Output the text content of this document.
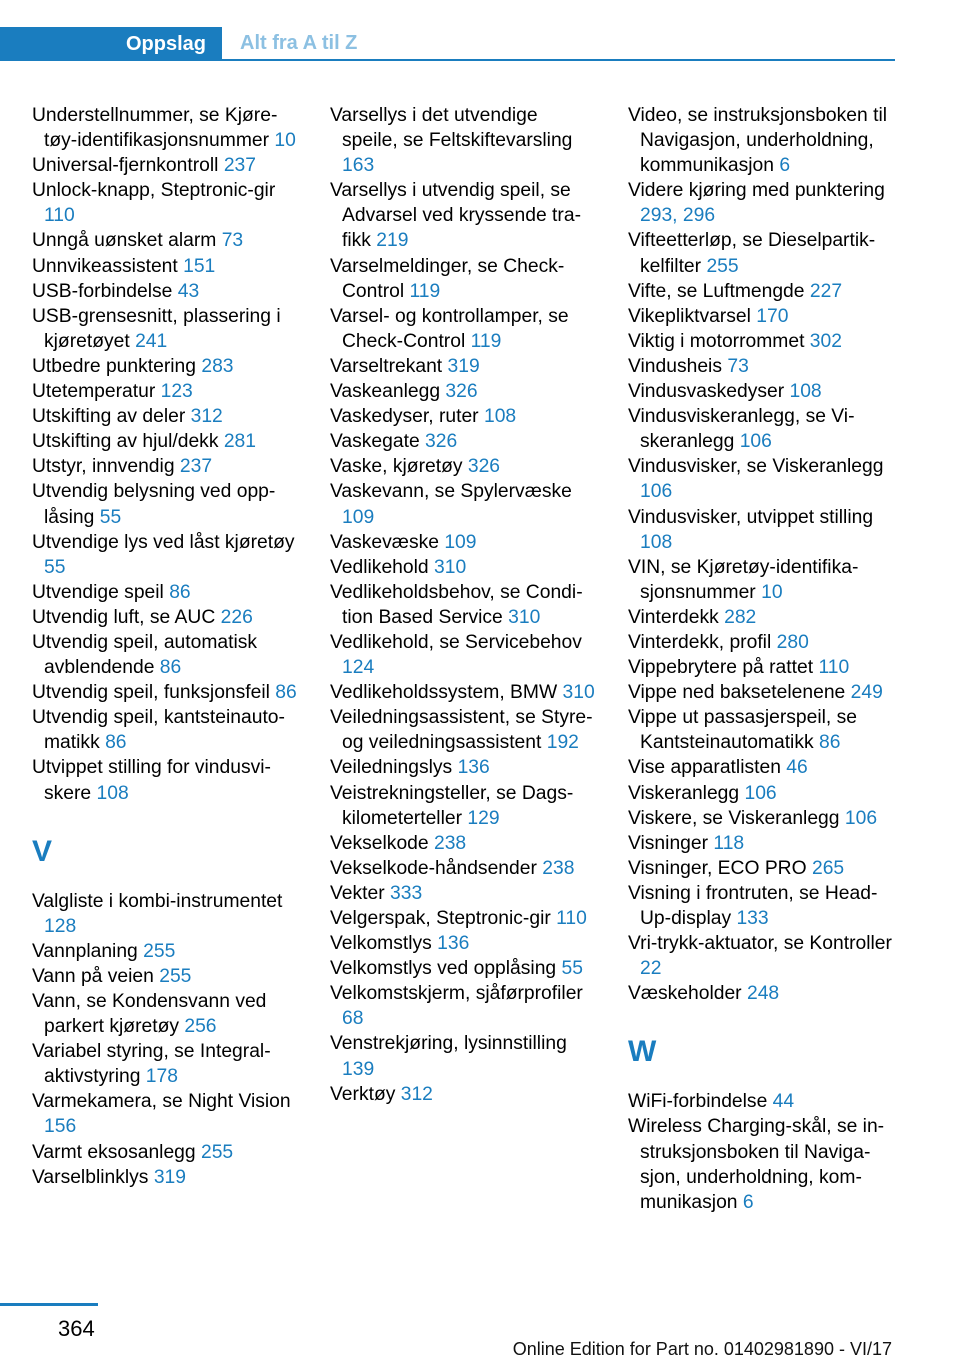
Oppslag	Alt fra A til Z
Understellnummer, se Kjøretøy-identifikasjonsnummer 10
Universal-fjernkontroll 237
Unlock-knapp, Steptronic-gir 110
Unngå uønsket alarm 73
Unnvikeassistent 151
USB-forbindelse 43
USB-grensesnitt, plassering i kjøretøyet 241
Utbedre punktering 283
Utetemperatur 123
Utskifting av deler 312
Utskifting av hjul/dekk 281
Utstyr, innvendig 237
Utvendig belysning ved opplåsing 55
Utvendige lys ved låst kjøretøy 55
Utvendige speil 86
Utvendig luft, se AUC 226
Utvendig speil, automatisk avblendende 86
Utvendig speil, funksjonsfeil 86
Utvendig speil, kantsteinautomatikk 86
Utvippet stilling for vindusviskere 108
V
Valgliste i kombi-instrumentet 128
Vannplaning 255
Vann på veien 255
Vann, se Kondensvann ved parkert kjøretøy 256
Variabel styring, se Integral-aktivstyring 178
Varmekamera, se Night Vision 156
Varmt eksosanlegg 255
Varselblinklys 319
Varsellys i det utvendige speile, se Feltskiftevarsling 163
Varsellys i utvendig speil, se Advarsel ved kryssende trafikk 219
Varselmeldinger, se Check-Control 119
Varsel- og kontrollamper, se Check-Control 119
Varseltrekant 319
Vaskeanlegg 326
Vaskedyser, ruter 108
Vaskegate 326
Vaske, kjøretøy 326
Vaskevann, se Spylervæske 109
Vaskevæske 109
Vedlikehold 310
Vedlikeholdsbehov, se Condition Based Service 310
Vedlikehold, se Servicebehov 124
Vedlikeholdssystem, BMW 310
Veiledningsassistent, se Styre- og veiledningsassistent 192
Veiledningslys 136
Veistrekningsteller, se Dagskilometerteller 129
Vekselkode 238
Vekselkode-håndsender 238
Vekter 333
Velgerspak, Steptronic-gir 110
Velkomstlys 136
Velkomstlys ved opplåsing 55
Velkomstskjerm, sjåførprofiler 68
Venstrekjøring, lysinnstilling 139
Verktøy 312
Video, se instruksjonsboken til Navigasjon, underholdning, kommunikasjon 6
Videre kjøring med punktering 293, 296
Vifteetterløp, se Dieselpartikkelfilter 255
Vifte, se Luftmengde 227
Vikepliktvarsel 170
Viktig i motorrommet 302
Vindusheis 73
Vindusvaskedyser 108
Vindusviskeranlegg, se Viskeranlegg 106
Vindusvisker, se Viskeranlegg 106
Vindusvisker, utvippet stilling 108
VIN, se Kjøretøy-identifikasjonsnummer 10
Vinterdekk 282
Vinterdekk, profil 280
Vippebrytere på rattet 110
Vippe ned baksetelenene 249
Vippe ut passasjerspeil, se Kantsteinautomatikk 86
Vise apparatlisten 46
Viskeranlegg 106
Viskere, se Viskeranlegg 106
Visninger 118
Visninger, ECO PRO 265
Visning i frontruten, se Head-Up-display 133
Vri-trykk-aktuator, se Kontroller 22
Væskeholder 248
W
WiFi-forbindelse 44
Wireless Charging-skål, se instruksjonsboken til Navigasjon, underholdning, kommunikasjon 6
364
Online Edition for Part no. 01402981890 - VI/17
